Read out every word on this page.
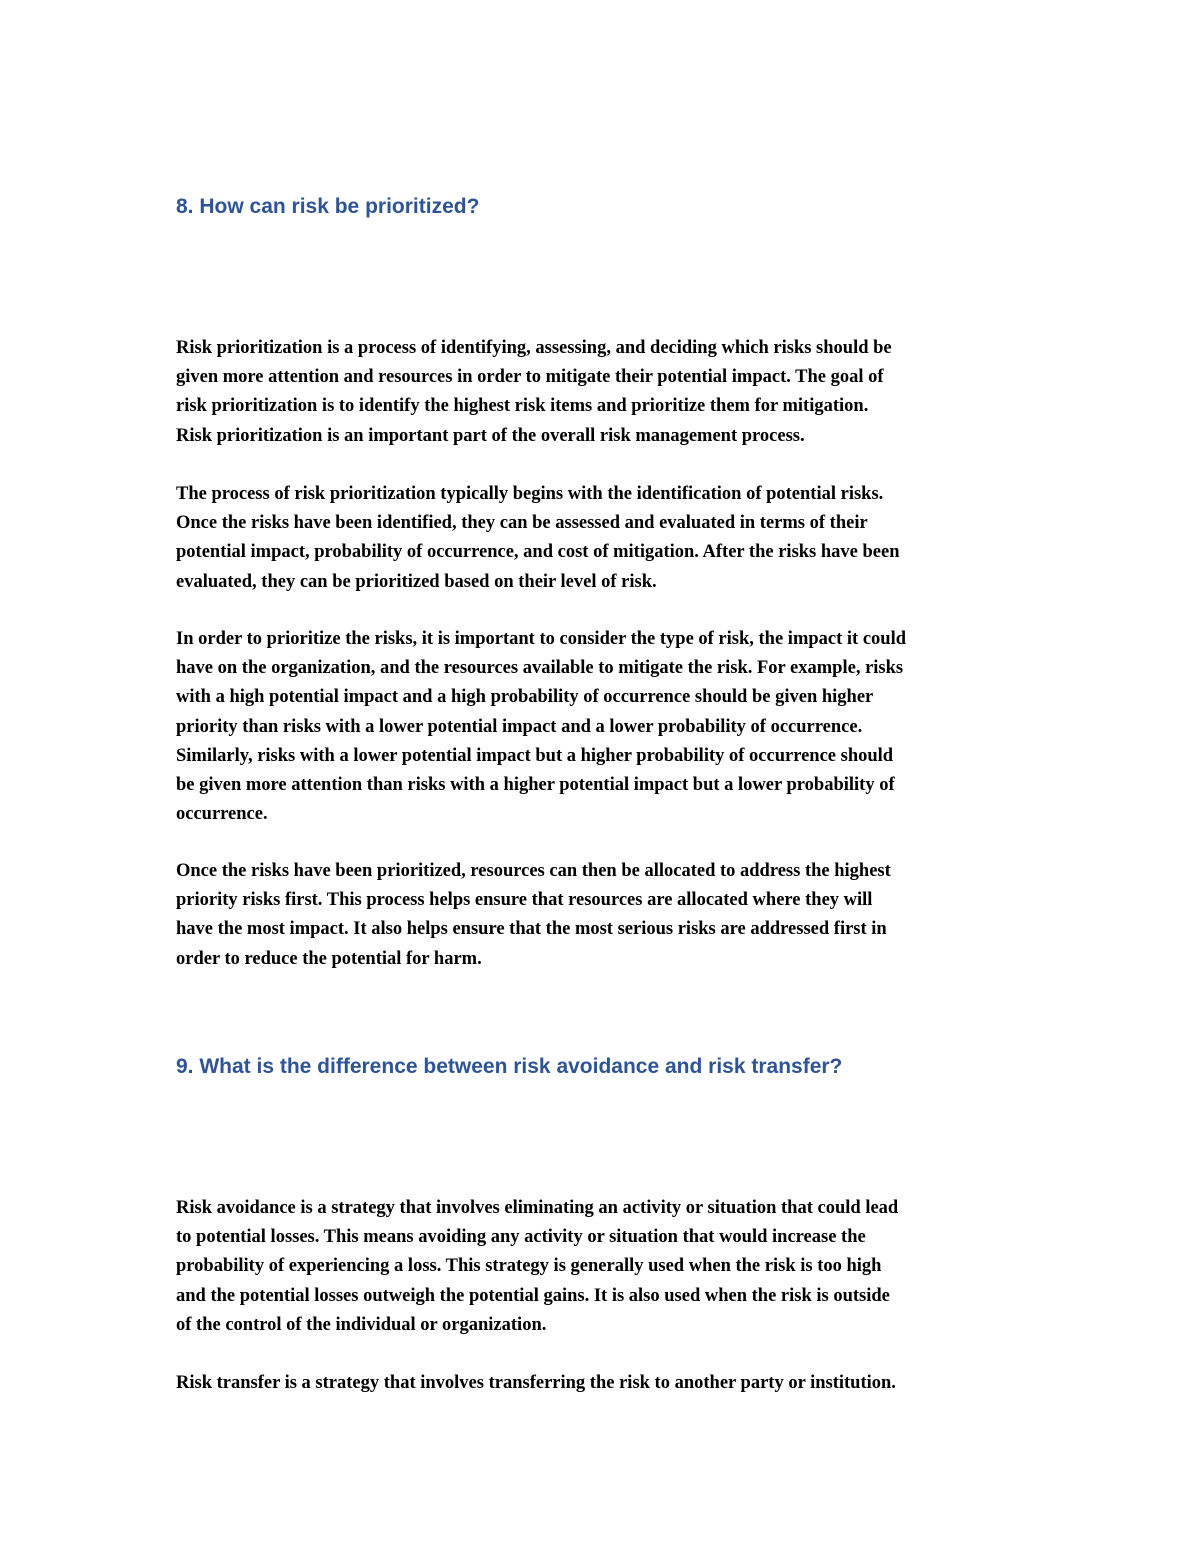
8. How can risk be prioritized?
Risk prioritization is a process of identifying, assessing, and deciding which risks should be
given more attention and resources in order to mitigate their potential impact. The goal of
risk prioritization is to identify the highest risk items and prioritize them for mitigation.
Risk prioritization is an important part of the overall risk management process.
The process of risk prioritization typically begins with the identification of potential risks.
Once the risks have been identified, they can be assessed and evaluated in terms of their
potential impact, probability of occurrence, and cost of mitigation. After the risks have been
evaluated, they can be prioritized based on their level of risk.
In order to prioritize the risks, it is important to consider the type of risk, the impact it could
have on the organization, and the resources available to mitigate the risk. For example, risks
with a high potential impact and a high probability of occurrence should be given higher
priority than risks with a lower potential impact and a lower probability of occurrence.
Similarly, risks with a lower potential impact but a higher probability of occurrence should
be given more attention than risks with a higher potential impact but a lower probability of
occurrence.
Once the risks have been prioritized, resources can then be allocated to address the highest
priority risks first. This process helps ensure that resources are allocated where they will
have the most impact. It also helps ensure that the most serious risks are addressed first in
order to reduce the potential for harm.
9. What is the difference between risk avoidance and risk transfer?
Risk avoidance is a strategy that involves eliminating an activity or situation that could lead
to potential losses. This means avoiding any activity or situation that would increase the
probability of experiencing a loss. This strategy is generally used when the risk is too high
and the potential losses outweigh the potential gains. It is also used when the risk is outside
of the control of the individual or organization.
Risk transfer is a strategy that involves transferring the risk to another party or institution.
